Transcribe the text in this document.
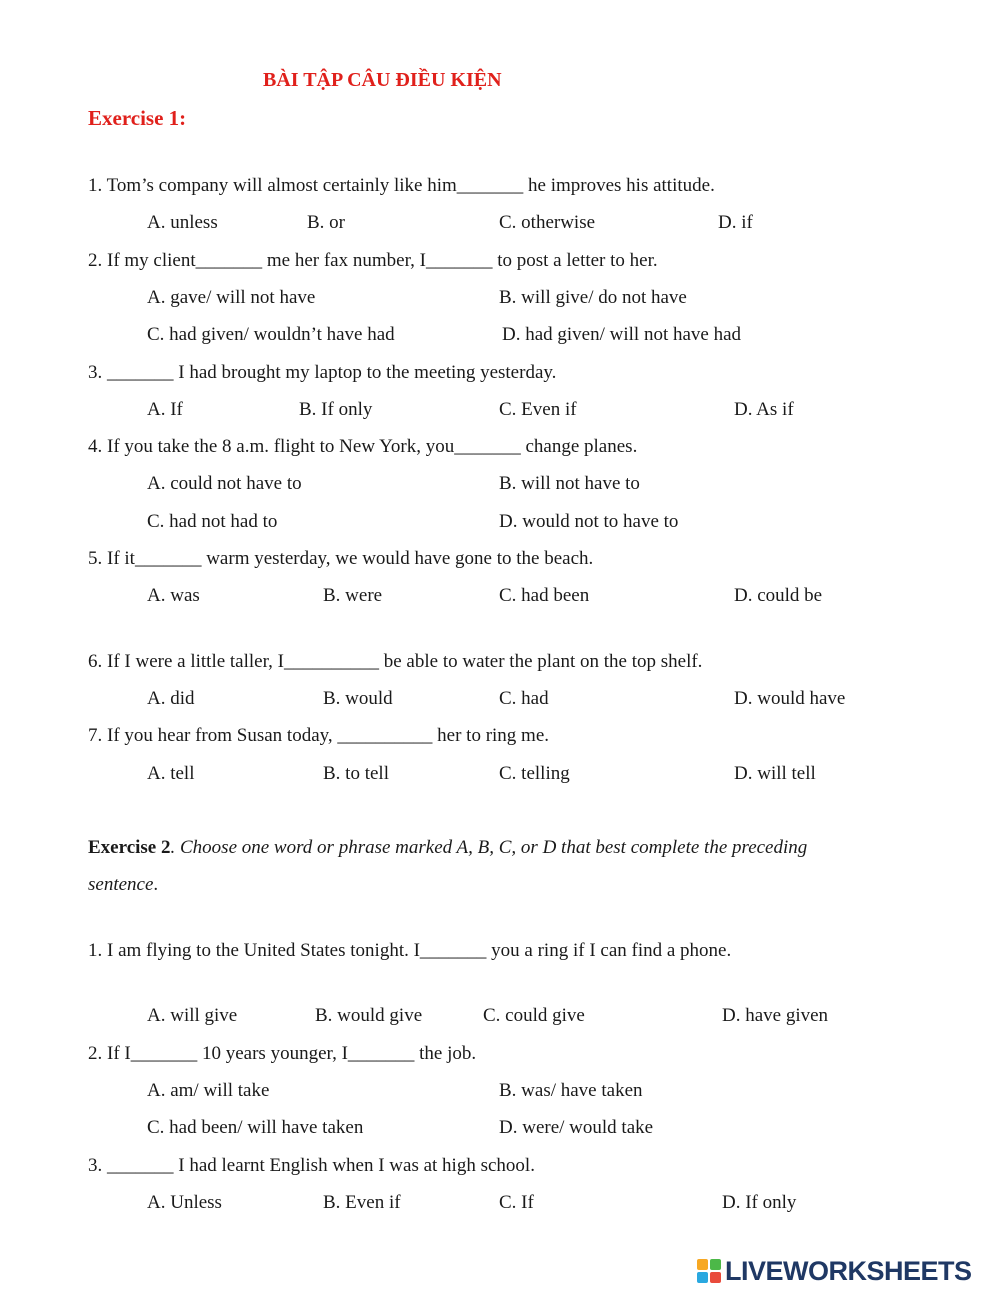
BÀI TẬP CÂU ĐIỀU KIỆN
Exercise 1:
1. Tom’s company will almost certainly like him_______ he improves his attitude.
A. unless	B. or	C. otherwise	D. if
2. If my client_______ me her fax number, I_______ to post a letter to her.
A. gave/ will not have	B. will give/ do not have
C. had given/ wouldn’t have had	D. had given/ will not have had
3. _______ I had brought my laptop to the meeting yesterday.
A. If	B. If only	C. Even if	D. As if
4. If you take the 8 a.m. flight to New York, you_______ change planes.
A. could not have to	B. will not have to
C. had not had to	D. would not to have to
5. If it_______ warm yesterday, we would have gone to the beach.
A. was	B. were	C. had been	D. could be
6. If I were a little taller, I__________ be able to water the plant on the top shelf.
A. did	B. would	C. had	D. would have
7. If you hear from Susan today, __________ her to ring me.
A. tell	B. to tell	C. telling	D. will tell
Exercise 2. Choose one word or phrase marked A, B, C, or D that best complete the preceding
sentence.
1. I am flying to the United States tonight. I_______ you a ring if I can find a phone.
A. will give	B. would give	C. could give	D. have given
2. If I_______ 10 years younger, I_______ the job.
A. am/ will take	B. was/ have taken
C. had been/ will have taken	D. were/ would take
3. _______ I had learnt English when I was at high school.
A. Unless	B. Even if	C. If	D. If only
LIVEWORKSHEETS
